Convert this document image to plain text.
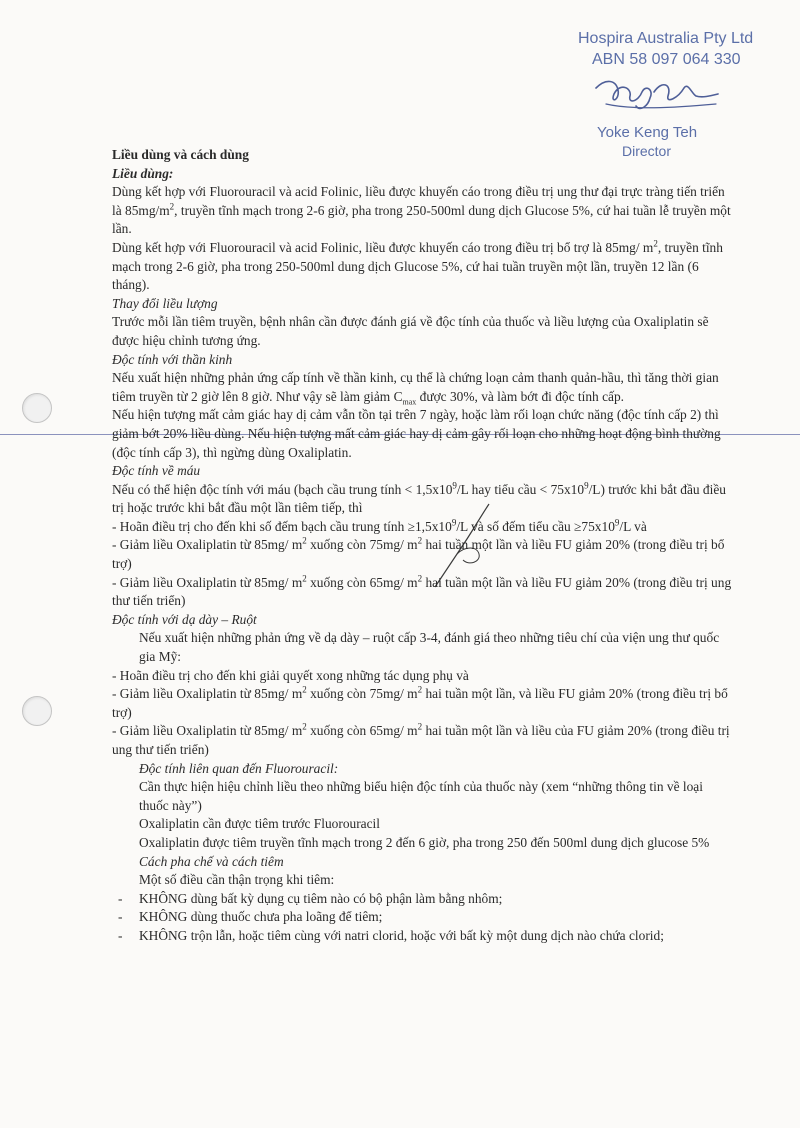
Hospira Australia Pty Ltd
ABN 58 097 064 330
Yoke Keng Teh
Director

Liều dùng và cách dùng

Liều dùng:

Dùng kết hợp với Fluorouracil và acid Folinic, liều được khuyến cáo trong điều trị ung thư đại trực tràng tiến triển là $85mg/m^2$, truyền tĩnh mạch trong 2-6 giờ, pha trong 250-500ml dung dịch Glucose 5%, cứ hai tuần lễ truyền một lần.

Dùng kết hợp với Fluorouracil và acid Folinic, liều được khuyến cáo trong điều trị bổ trợ là 85mg/ $m^2$, truyền tĩnh mạch trong 2-6 giờ, pha trong 250-500ml dung dịch Glucose 5%, cứ hai tuần truyền một lần, truyền 12 lần (6 tháng).

Thay đổi liều lượng

Trước mỗi lần tiêm truyền, bệnh nhân cần được đánh giá về độc tính của thuốc và liều lượng của Oxaliplatin sẽ được hiệu chỉnh tương ứng.

Độc tính với thần kinh

Nếu xuất hiện những phản ứng cấp tính về thần kinh, cụ thể là chứng loạn cảm thanh quản-hầu, thì tăng thời gian tiêm truyền từ 2 giờ lên 8 giờ. Như vậy sẽ làm giảm $C_{max}$ được 30%, và làm bớt đi độc tính cấp.

Nếu hiện tượng mất cảm giác hay dị cảm vẫn tồn tại trên 7 ngày, hoặc làm rối loạn chức năng (độc tính cấp 2) thì giảm bớt 20% liều dùng. Nếu hiện tượng mất cảm giác hay dị cảm gây rối loạn cho những hoạt động bình thường (độc tính cấp 3), thì ngừng dùng Oxaliplatin.

Độc tính về máu

Nếu có thể hiện độc tính với máu (bạch cầu trung tính < $1,5x10^9/L$ hay tiểu cầu < $75x10^9/L$) trước khi bắt đầu điều trị hoặc trước khi bắt đầu một lần tiêm tiếp, thì

- Hoãn điều trị cho đến khi số đếm bạch cầu trung tính $\ge 1,5x10^9/L$ và số đếm tiểu cầu $\ge 75x10^9/L$ và

- Giảm liều Oxaliplatin từ 85mg/ $m^2$ xuống còn 75mg/ $m^2$ hai tuần một lần và liều FU giảm 20% (trong điều trị bổ trợ)

- Giảm liều Oxaliplatin từ 85mg/ $m^2$ xuống còn 65mg/ $m^2$ hai tuần một lần và liều FU giảm 20% (trong điều trị ung thư tiến triển)

Độc tính với dạ dày – Ruột

Nếu xuất hiện những phản ứng về dạ dày – ruột cấp 3-4, đánh giá theo những tiêu chí của viện ung thư quốc gia Mỹ:

- Hoãn điều trị cho đến khi giải quyết xong những tác dụng phụ và

- Giảm liều Oxaliplatin từ 85mg/ $m^2$ xuống còn 75mg/ $m^2$ hai tuần một lần, và liều FU giảm 20% (trong điều trị bổ trợ)

- Giảm liều Oxaliplatin từ 85mg/ $m^2$ xuống còn 65mg/ $m^2$ hai tuần một lần và liều của FU giảm 20% (trong điều trị ung thư tiến triển)

Độc tính liên quan đến Fluorouracil:

Cần thực hiện hiệu chỉnh liều theo những biểu hiện độc tính của thuốc này (xem “những thông tin về loại thuốc này”)

Oxaliplatin cần được tiêm trước Fluorouracil

Oxaliplatin được tiêm truyền tĩnh mạch trong 2 đến 6 giờ, pha trong 250 đến 500ml dung dịch glucose 5%

Cách pha chế và cách tiêm

Một số điều cần thận trọng khi tiêm:

- KHÔNG dùng bất kỳ dụng cụ tiêm nào có bộ phận làm bằng nhôm;

- KHÔNG dùng thuốc chưa pha loãng để tiêm;

- KHÔNG trộn lẫn, hoặc tiêm cùng với natri clorid, hoặc với bất kỳ một dung dịch nào chứa clorid;
